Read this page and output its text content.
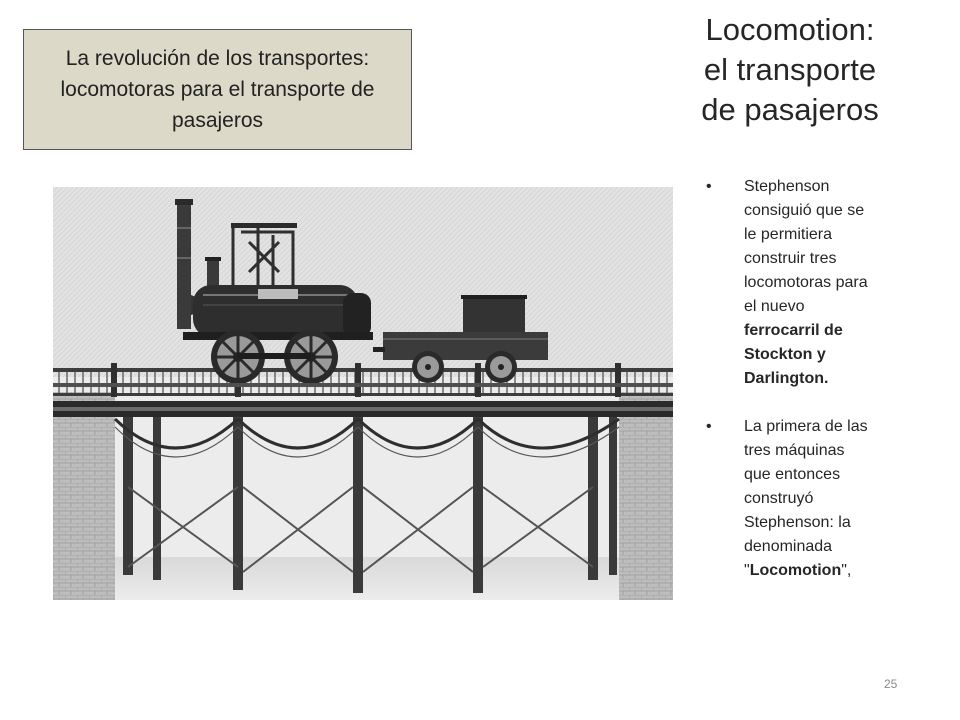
La revolución de los transportes: locomotoras para el transporte de pasajeros
Locomotion:
el transporte
de pasajeros
• Stephenson
consiguió que se
le permitiera
construir tres
locomotoras para
el nuevo
ferrocarril de
Stockton y
Darlington.
• La primera de las
tres máquinas
que entonces
construyó
Stephenson: la
denominada
"Locomotion",
25
